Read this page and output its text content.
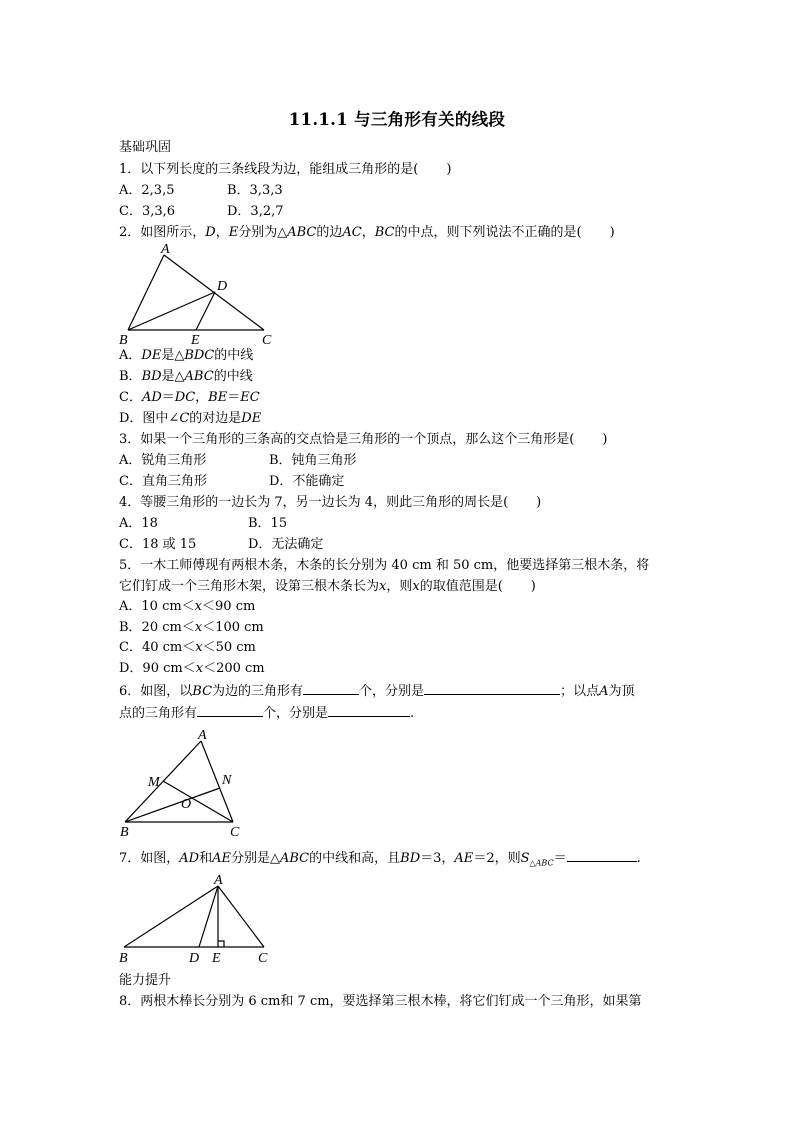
11.1.1 与三角形有关的线段
基础巩固
1．以下列长度的三条线段为边，能组成三角形的是( )
A．2,3,5	B．3,3,3
C．3,3,6	D．3,2,7
2．如图所示，D，E分别为△ABC的边AC，BC的中点，则下列说法不正确的是( )
A
D
B	E	C
A．DE是△BDC的中线
B．BD是△ABC的中线
C．AD＝DC，BE＝EC
D．图中∠C的对边是DE
3．如果一个三角形的三条高的交点恰是三角形的一个顶点，那么这个三角形是( )
A．锐角三角形	B．钝角三角形
C．直角三角形	D．不能确定
4．等腰三角形的一边长为 7，另一边长为 4，则此三角形的周长是( )
A．18	B．15
C．18 或 15	D．无法确定
5．一木工师傅现有两根木条，木条的长分别为 40 cm 和 50 cm，他要选择第三根木条，将
它们钉成一个三角形木架，设第三根木条长为x，则x的取值范围是( )
A．10 cm＜x＜90 cm
B．20 cm＜x＜100 cm
C．40 cm＜x＜50 cm
D．90 cm＜x＜200 cm
6．如图，以BC为边的三角形有	个，分别是	；以点A为顶
点的三角形有	个，分别是	.
A
M	N
O
B	C
7．如图，AD和AE分别是△ABC的中线和高，且BD＝3，AE＝2，则$S_{\triangle ABC}=$	.
A
B	D E	C
能力提升
8．两根木棒长分别为 6 cm和 7 cm，要选择第三根木棒，将它们钉成一个三角形，如果第
